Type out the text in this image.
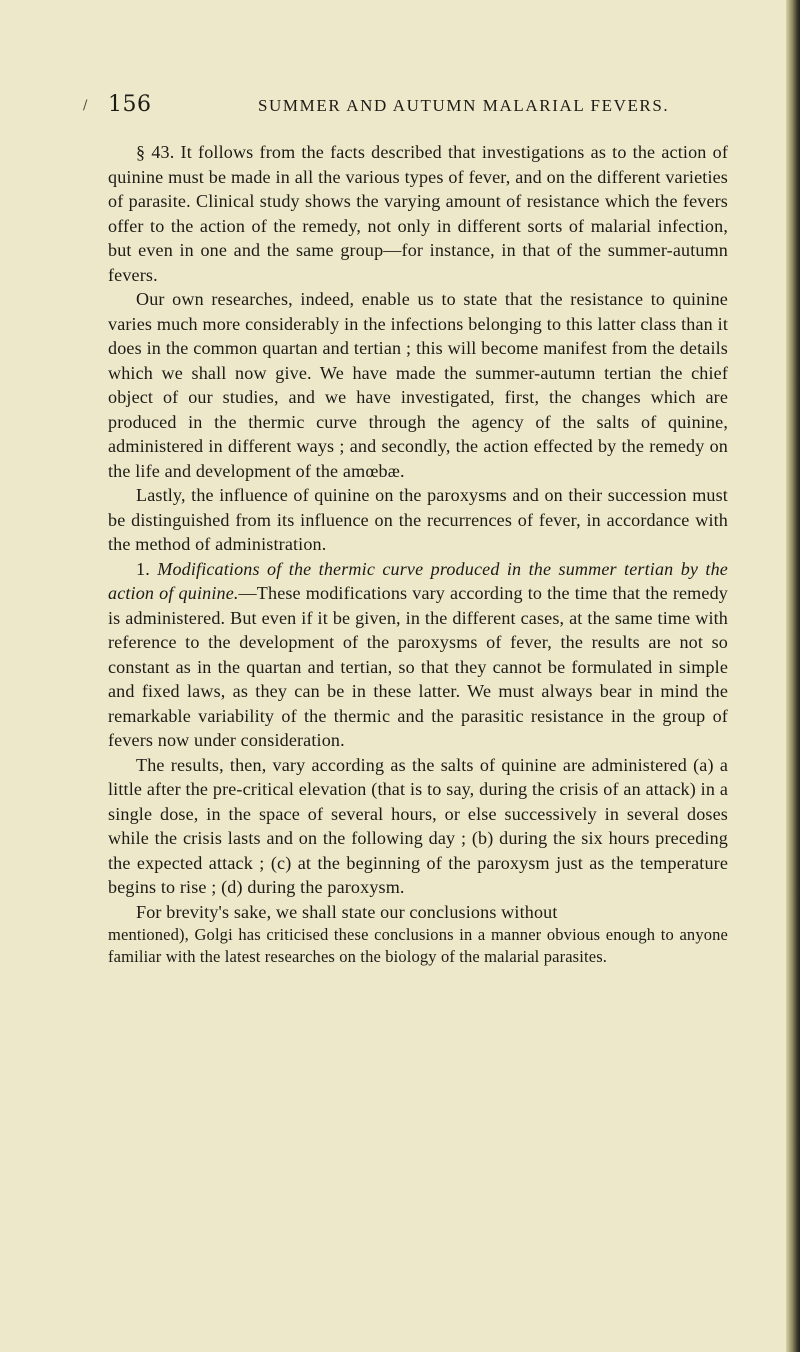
/ 156	SUMMER AND AUTUMN MALARIAL FEVERS.

§ 43. It follows from the facts described that investigations as to the action of quinine must be made in all the various types of fever, and on the different varieties of parasite. Clinical study shows the varying amount of resistance which the fevers offer to the action of the remedy, not only in different sorts of malarial infection, but even in one and the same group—for instance, in that of the summer-autumn fevers.

Our own researches, indeed, enable us to state that the resistance to quinine varies much more considerably in the infections belonging to this latter class than it does in the common quartan and tertian ; this will become manifest from the details which we shall now give. We have made the summer-autumn tertian the chief object of our studies, and we have investigated, first, the changes which are produced in the thermic curve through the agency of the salts of quinine, administered in different ways ; and secondly, the action effected by the remedy on the life and development of the amœbæ.

Lastly, the influence of quinine on the paroxysms and on their succession must be distinguished from its influence on the recurrences of fever, in accordance with the method of administration.

1. Modifications of the thermic curve produced in the summer tertian by the action of quinine.—These modifications vary according to the time that the remedy is administered. But even if it be given, in the different cases, at the same time with reference to the development of the paroxysms of fever, the results are not so constant as in the quartan and tertian, so that they cannot be formulated in simple and fixed laws, as they can be in these latter. We must always bear in mind the remarkable variability of the thermic and the parasitic resistance in the group of fevers now under consideration.

The results, then, vary according as the salts of quinine are administered (a) a little after the pre-critical elevation (that is to say, during the crisis of an attack) in a single dose, in the space of several hours, or else successively in several doses while the crisis lasts and on the following day ; (b) during the six hours preceding the expected attack ; (c) at the beginning of the paroxysm just as the temperature begins to rise ; (d) during the paroxysm.

For brevity's sake, we shall state our conclusions without

mentioned), Golgi has criticised these conclusions in a manner obvious enough to anyone familiar with the latest researches on the biology of the malarial parasites.
